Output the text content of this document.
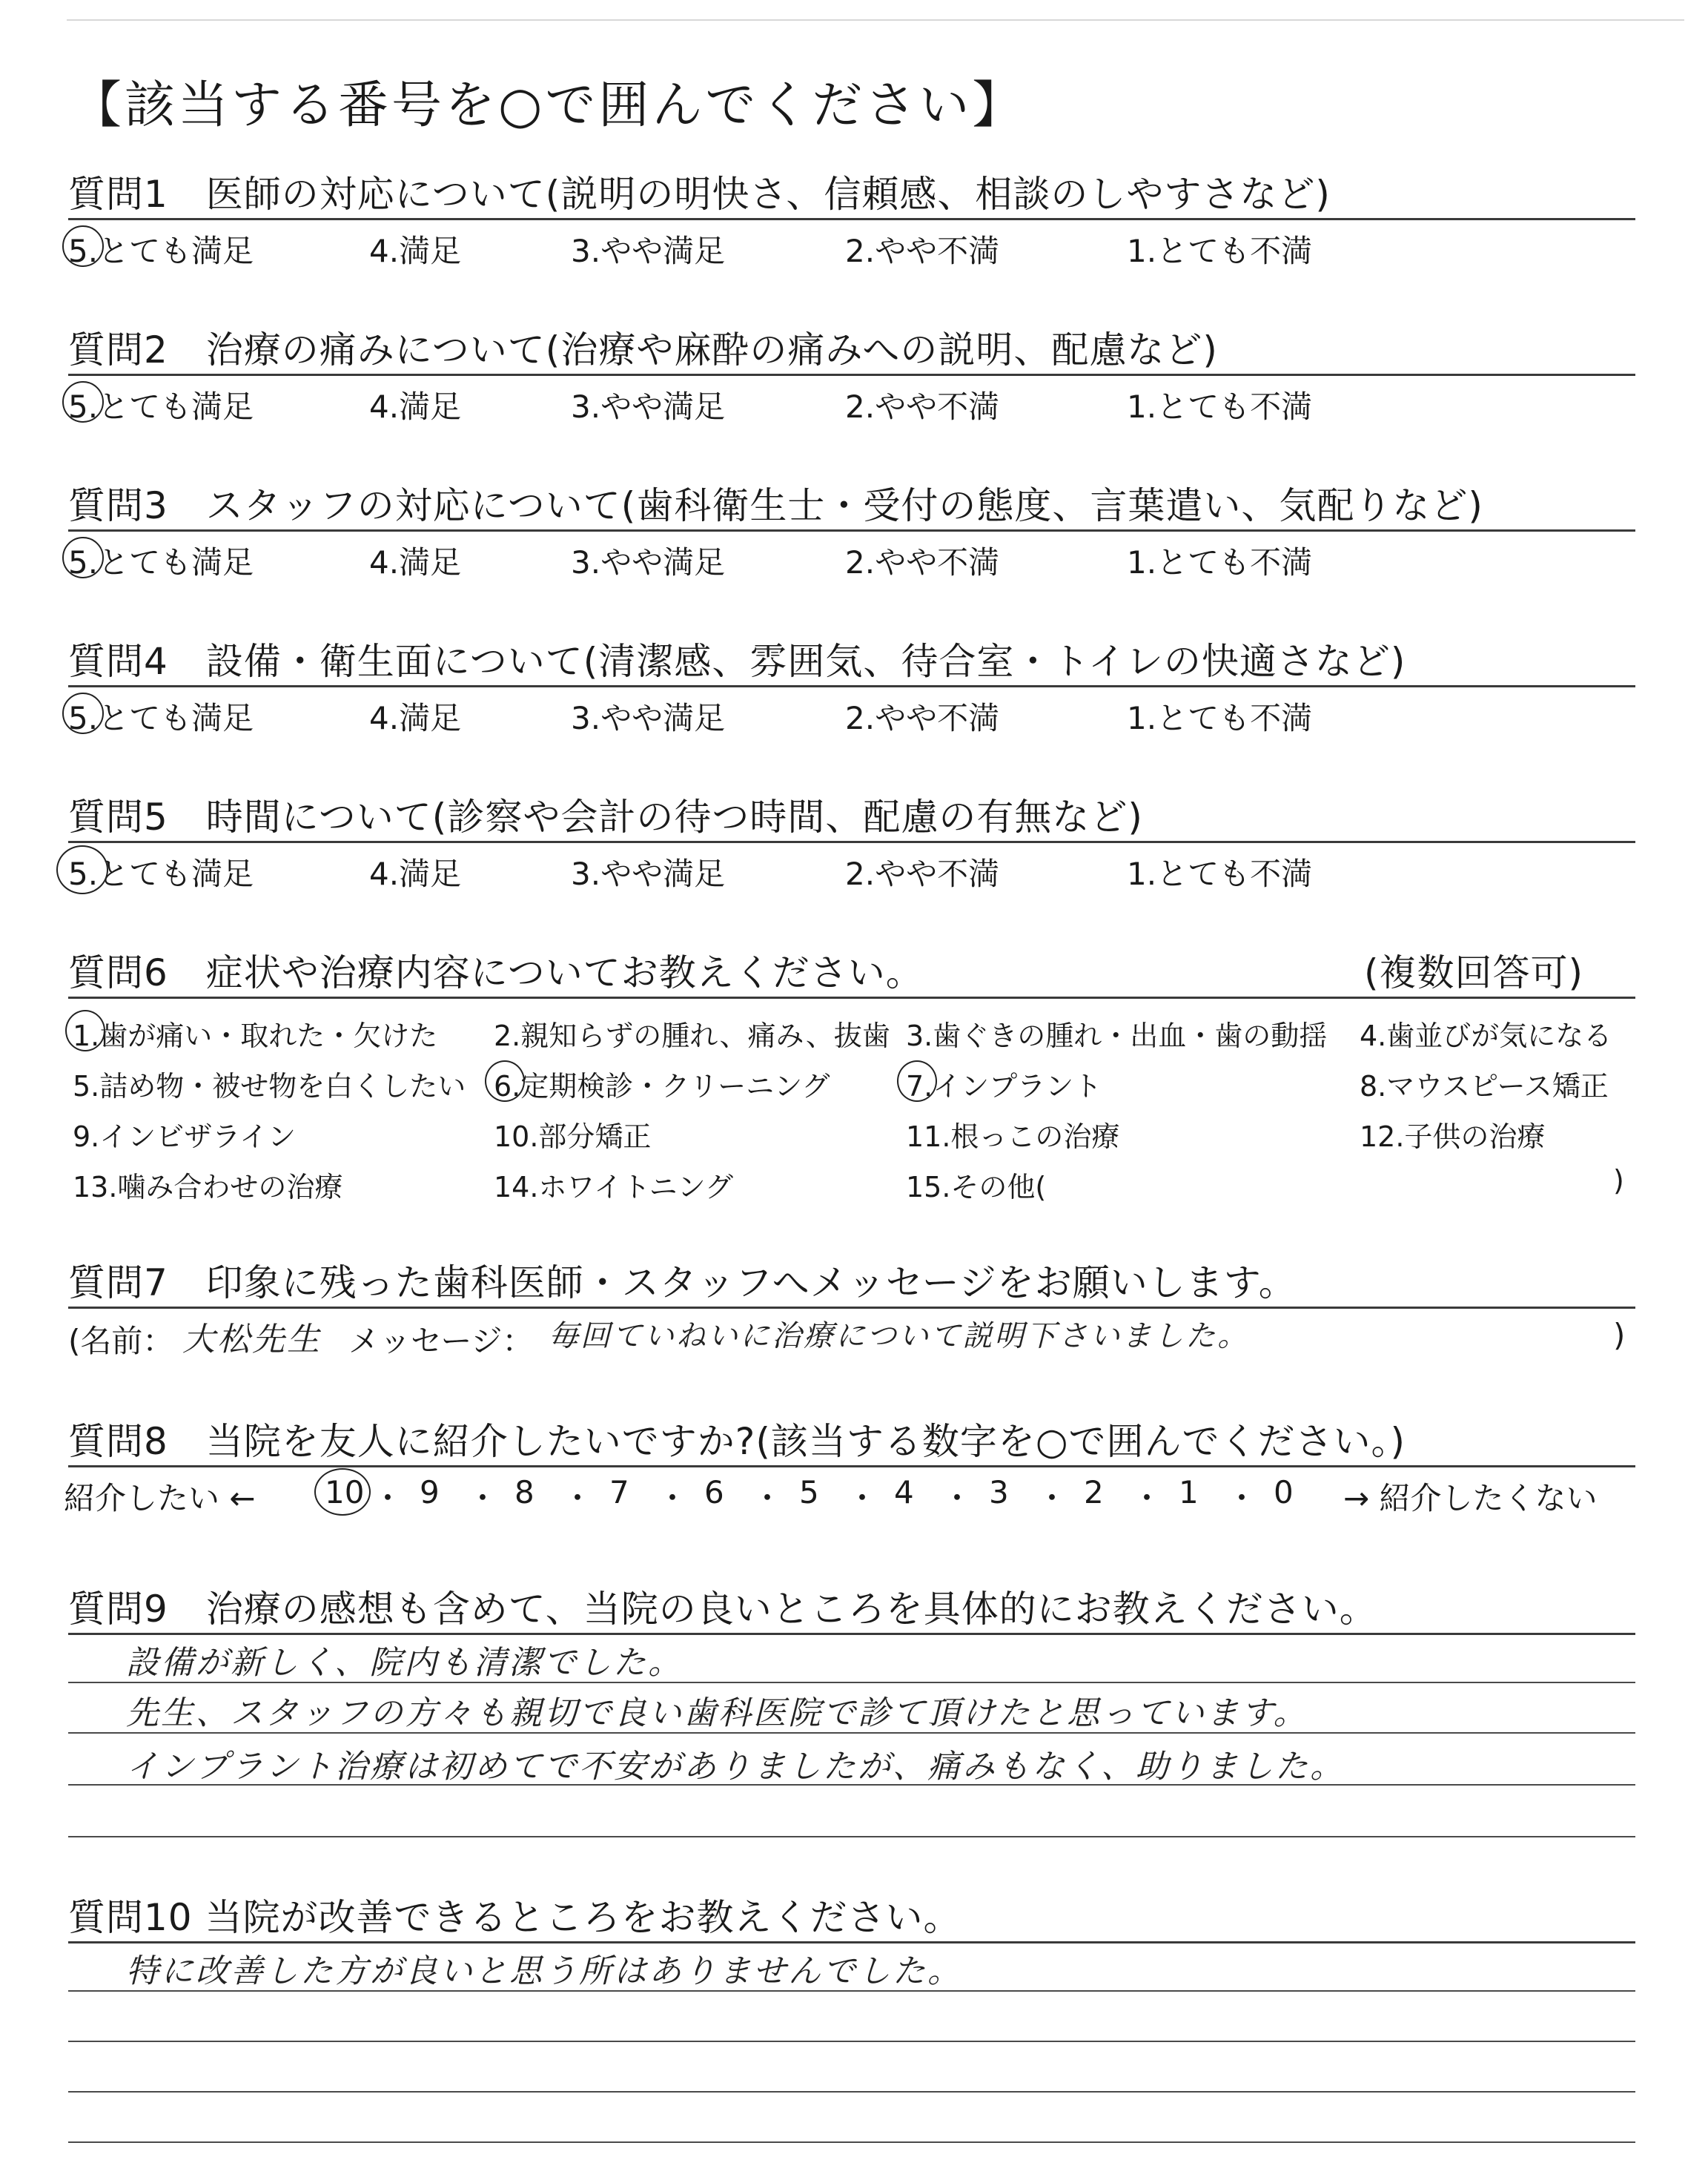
【該当する番号を○で囲んでください】
質問1　医師の対応について(説明の明快さ、信頼感、相談のしやすさなど)
5.とても満足	4.満足	3.やや満足	2.やや不満	1.とても不満
質問2　治療の痛みについて(治療や麻酔の痛みへの説明、配慮など)
5.とても満足	4.満足	3.やや満足	2.やや不満	1.とても不満
質問3　スタッフの対応について(歯科衛生士・受付の態度、言葉遣い、気配りなど)
5.とても満足	4.満足	3.やや満足	2.やや不満	1.とても不満
質問4　設備・衛生面について(清潔感、雰囲気、待合室・トイレの快適さなど)
5.とても満足	4.満足	3.やや満足	2.やや不満	1.とても不満
質問5　時間について(診察や会計の待つ時間、配慮の有無など)
5.とても満足	4.満足	3.やや満足	2.やや不満	1.とても不満
質問6　症状や治療内容についてお教えください。	(複数回答可)
1.歯が痛い・取れた・欠けた 2.親知らずの腫れ、痛み、抜歯 3.歯ぐきの腫れ・出血・歯の動揺 4.歯並びが気になる
5.詰め物・被せ物を白くしたい 6.定期検診・クリーニング	7.インプラント	8.マウスピース矯正
9.インビザライン	10.部分矯正	11.根っこの治療	12.子供の治療
13.噛み合わせの治療	14.ホワイトニング	15.その他(	)
質問7　印象に残った歯科医師・スタッフへメッセージをお願いします。
(名前： 大松先生 メッセージ： 毎回ていねいに治療について説明下さいました。	)
質問8　当院を友人に紹介したいですか?(該当する数字を○で囲んでください。)
紹介したい ← 10 ・ 9 ・ 8 ・ 7 ・ 6 ・ 5 ・ 4 ・ 3 ・ 2 ・ 1 ・ 0 → 紹介したくない
質問9　治療の感想も含めて、当院の良いところを具体的にお教えください。
設備が新しく、院内も清潔でした。
先生、スタッフの方々も親切で良い歯科医院で診て頂けたと思っています。
インプラント治療は初めてで不安がありましたが、痛みもなく、助りました。
質問10 当院が改善できるところをお教えください。
特に改善した方が良いと思う所はありませんでした。
